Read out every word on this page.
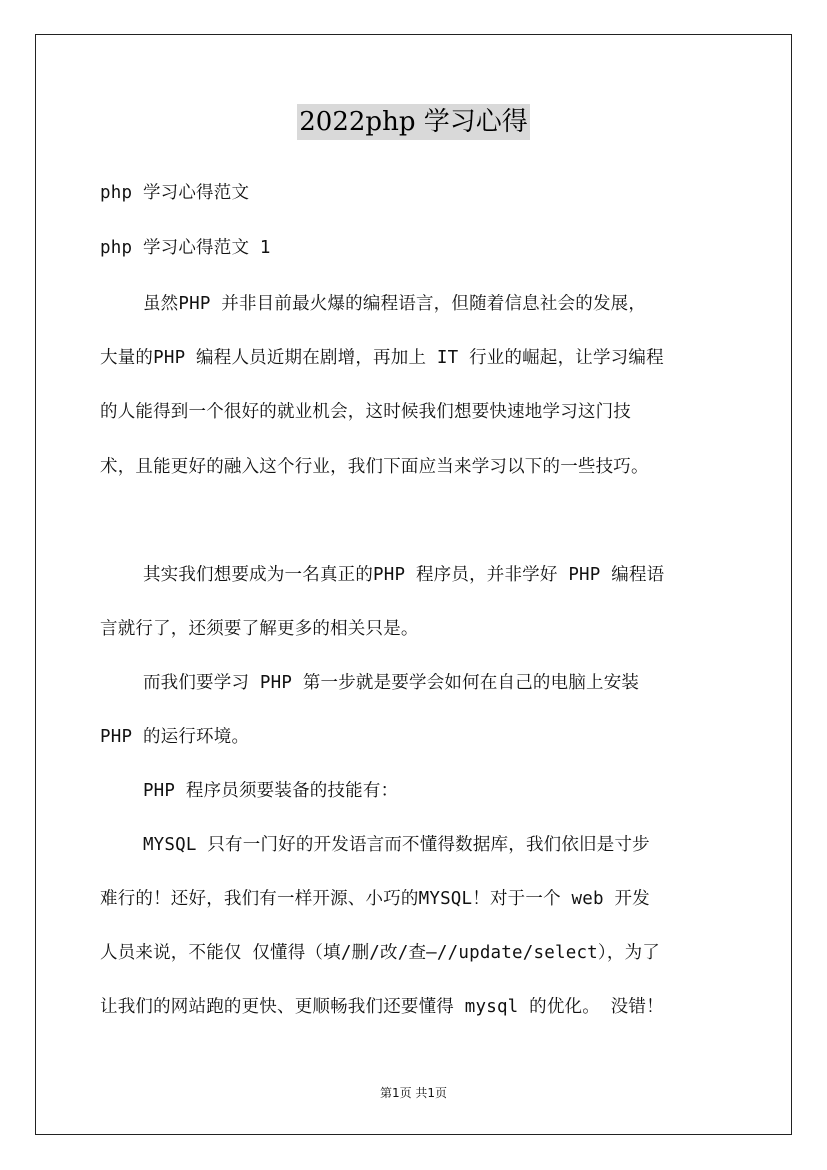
2022php 学习心得
php 学习心得范文
php 学习心得范文 1
虽然PHP 并非目前最火爆的编程语言，但随着信息社会的发展，
大量的PHP 编程人员近期在剧增，再加上 IT 行业的崛起，让学习编程
的人能得到一个很好的就业机会，这时候我们想要快速地学习这门技
术，且能更好的融入这个行业，我们下面应当来学习以下的一些技巧。
其实我们想要成为一名真正的PHP 程序员，并非学好 PHP 编程语
言就行了，还须要了解更多的相关只是。
而我们要学习 PHP 第一步就是要学会如何在自己的电脑上安装
PHP 的运行环境。
PHP 程序员须要装备的技能有：
MYSQL 只有一门好的开发语言而不懂得数据库，我们依旧是寸步
难行的！还好，我们有一样开源、小巧的MYSQL！对于一个 web 开发
人员来说，不能仅 仅懂得（填/删/改/查—//update/select），为了
让我们的网站跑的更快、更顺畅我们还要懂得 mysql 的优化。 没错！
第1页 共1页
